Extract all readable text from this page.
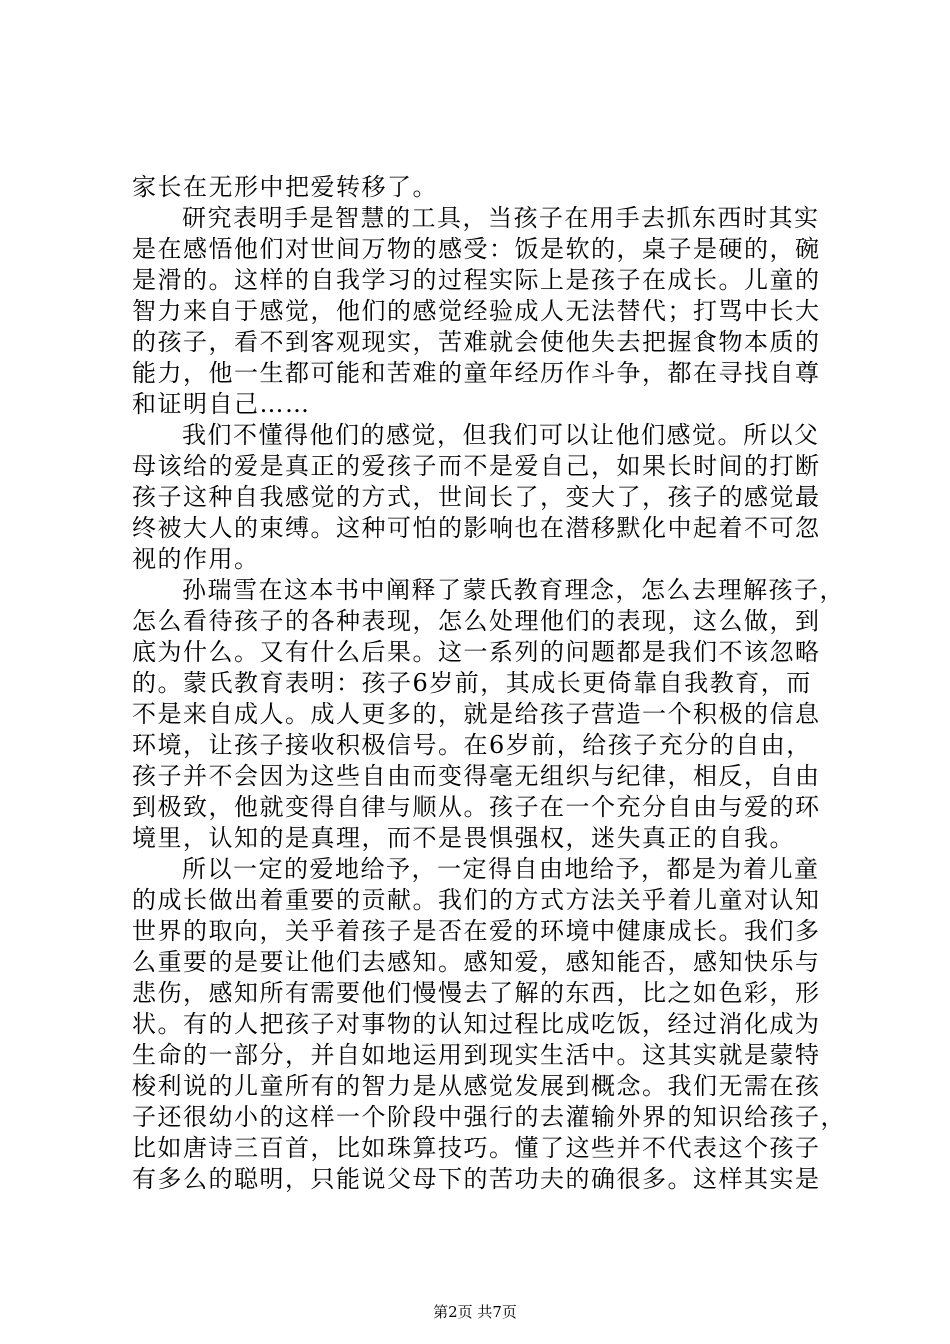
家长在无形中把爱转移了。
研究表明手是智慧的工具，当孩子在用手去抓东西时其实
是在感悟他们对世间万物的感受：饭是软的，桌子是硬的，碗
是滑的。这样的自我学习的过程实际上是孩子在成长。儿童的
智力来自于感觉，他们的感觉经验成人无法替代；打骂中长大
的孩子，看不到客观现实，苦难就会使他失去把握食物本质的
能力，他一生都可能和苦难的童年经历作斗争，都在寻找自尊
和证明自己……
我们不懂得他们的感觉，但我们可以让他们感觉。所以父
母该给的爱是真正的爱孩子而不是爱自己，如果长时间的打断
孩子这种自我感觉的方式，世间长了，变大了，孩子的感觉最
终被大人的束缚。这种可怕的影响也在潜移默化中起着不可忽
视的作用。
孙瑞雪在这本书中阐释了蒙氏教育理念，怎么去理解孩子，
怎么看待孩子的各种表现，怎么处理他们的表现，这么做，到
底为什么。又有什么后果。这一系列的问题都是我们不该忽略
的。蒙氏教育表明：孩子6岁前，其成长更倚靠自我教育，而
不是来自成人。成人更多的，就是给孩子营造一个积极的信息
环境，让孩子接收积极信号。在6岁前，给孩子充分的自由，
孩子并不会因为这些自由而变得毫无组织与纪律，相反，自由
到极致，他就变得自律与顺从。孩子在一个充分自由与爱的环
境里，认知的是真理，而不是畏惧强权，迷失真正的自我。
所以一定的爱地给予，一定得自由地给予，都是为着儿童
的成长做出着重要的贡献。我们的方式方法关乎着儿童对认知
世界的取向，关乎着孩子是否在爱的环境中健康成长。我们多
么重要的是要让他们去感知。感知爱，感知能否，感知快乐与
悲伤，感知所有需要他们慢慢去了解的东西，比之如色彩，形
状。有的人把孩子对事物的认知过程比成吃饭，经过消化成为
生命的一部分，并自如地运用到现实生活中。这其实就是蒙特
梭利说的儿童所有的智力是从感觉发展到概念。我们无需在孩
子还很幼小的这样一个阶段中强行的去灌输外界的知识给孩子，
比如唐诗三百首，比如珠算技巧。懂了这些并不代表这个孩子
有多么的聪明，只能说父母下的苦功夫的确很多。这样其实是
第2页 共7页
